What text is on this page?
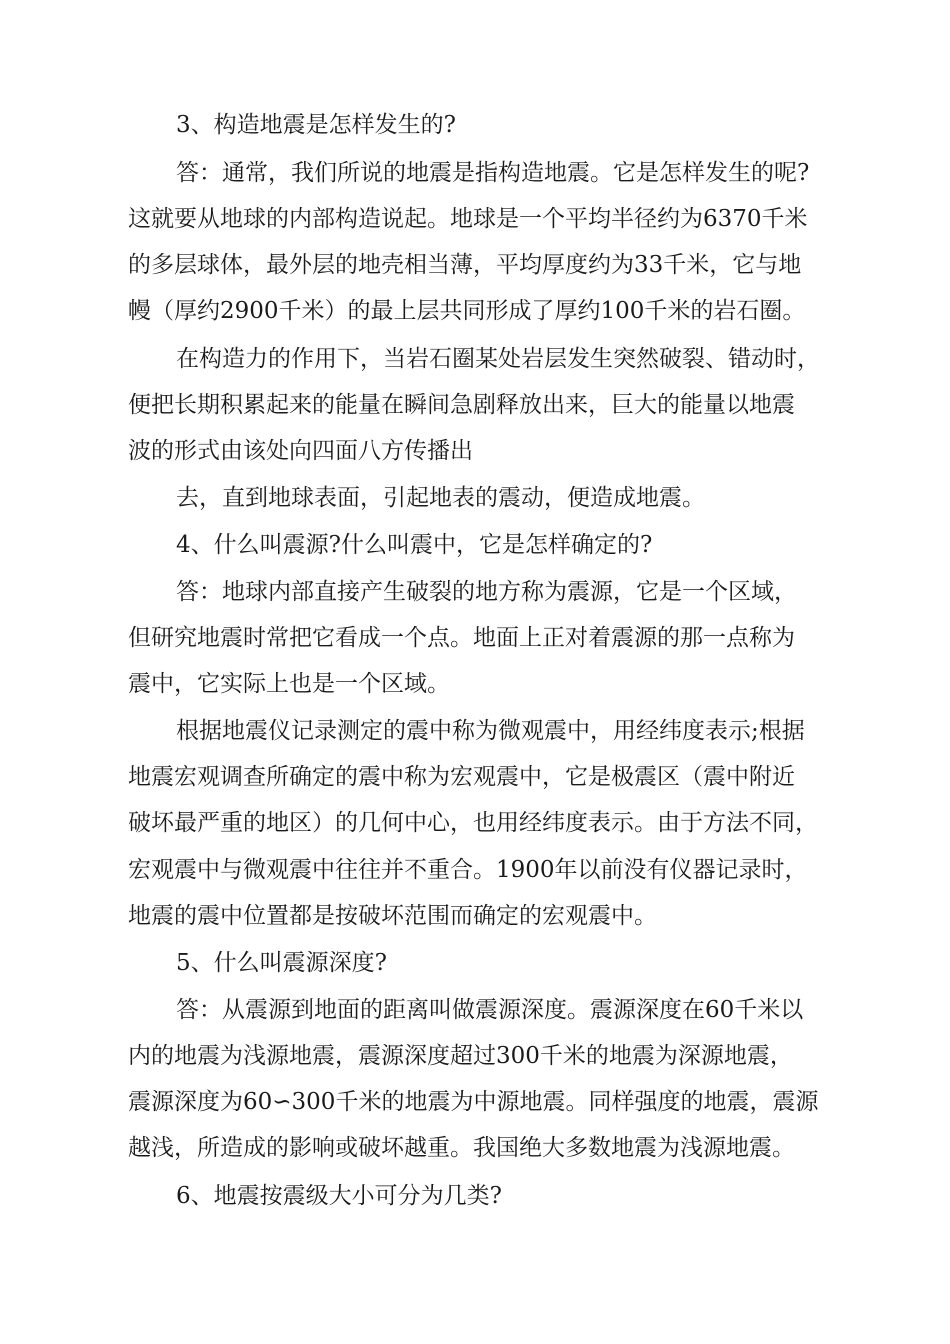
3、构造地震是怎样发生的?
答：通常，我们所说的地震是指构造地震。它是怎样发生的呢?
这就要从地球的内部构造说起。地球是一个平均半径约为6370千米
的多层球体，最外层的地壳相当薄，平均厚度约为33千米，它与地
幔（厚约2900千米）的最上层共同形成了厚约100千米的岩石圈。
在构造力的作用下，当岩石圈某处岩层发生突然破裂、错动时，
便把长期积累起来的能量在瞬间急剧释放出来，巨大的能量以地震
波的形式由该处向四面八方传播出
去，直到地球表面，引起地表的震动，便造成地震。
4、什么叫震源?什么叫震中，它是怎样确定的?
答：地球内部直接产生破裂的地方称为震源，它是一个区域，
但研究地震时常把它看成一个点。地面上正对着震源的那一点称为
震中，它实际上也是一个区域。
根据地震仪记录测定的震中称为微观震中，用经纬度表示;根据
地震宏观调查所确定的震中称为宏观震中，它是极震区（震中附近
破坏最严重的地区）的几何中心，也用经纬度表示。由于方法不同，
宏观震中与微观震中往往并不重合。1900年以前没有仪器记录时，
地震的震中位置都是按破坏范围而确定的宏观震中。
5、什么叫震源深度?
答：从震源到地面的距离叫做震源深度。震源深度在60千米以
内的地震为浅源地震，震源深度超过300千米的地震为深源地震，
震源深度为60∽300千米的地震为中源地震。同样强度的地震，震源
越浅，所造成的影响或破坏越重。我国绝大多数地震为浅源地震。
6、地震按震级大小可分为几类?
